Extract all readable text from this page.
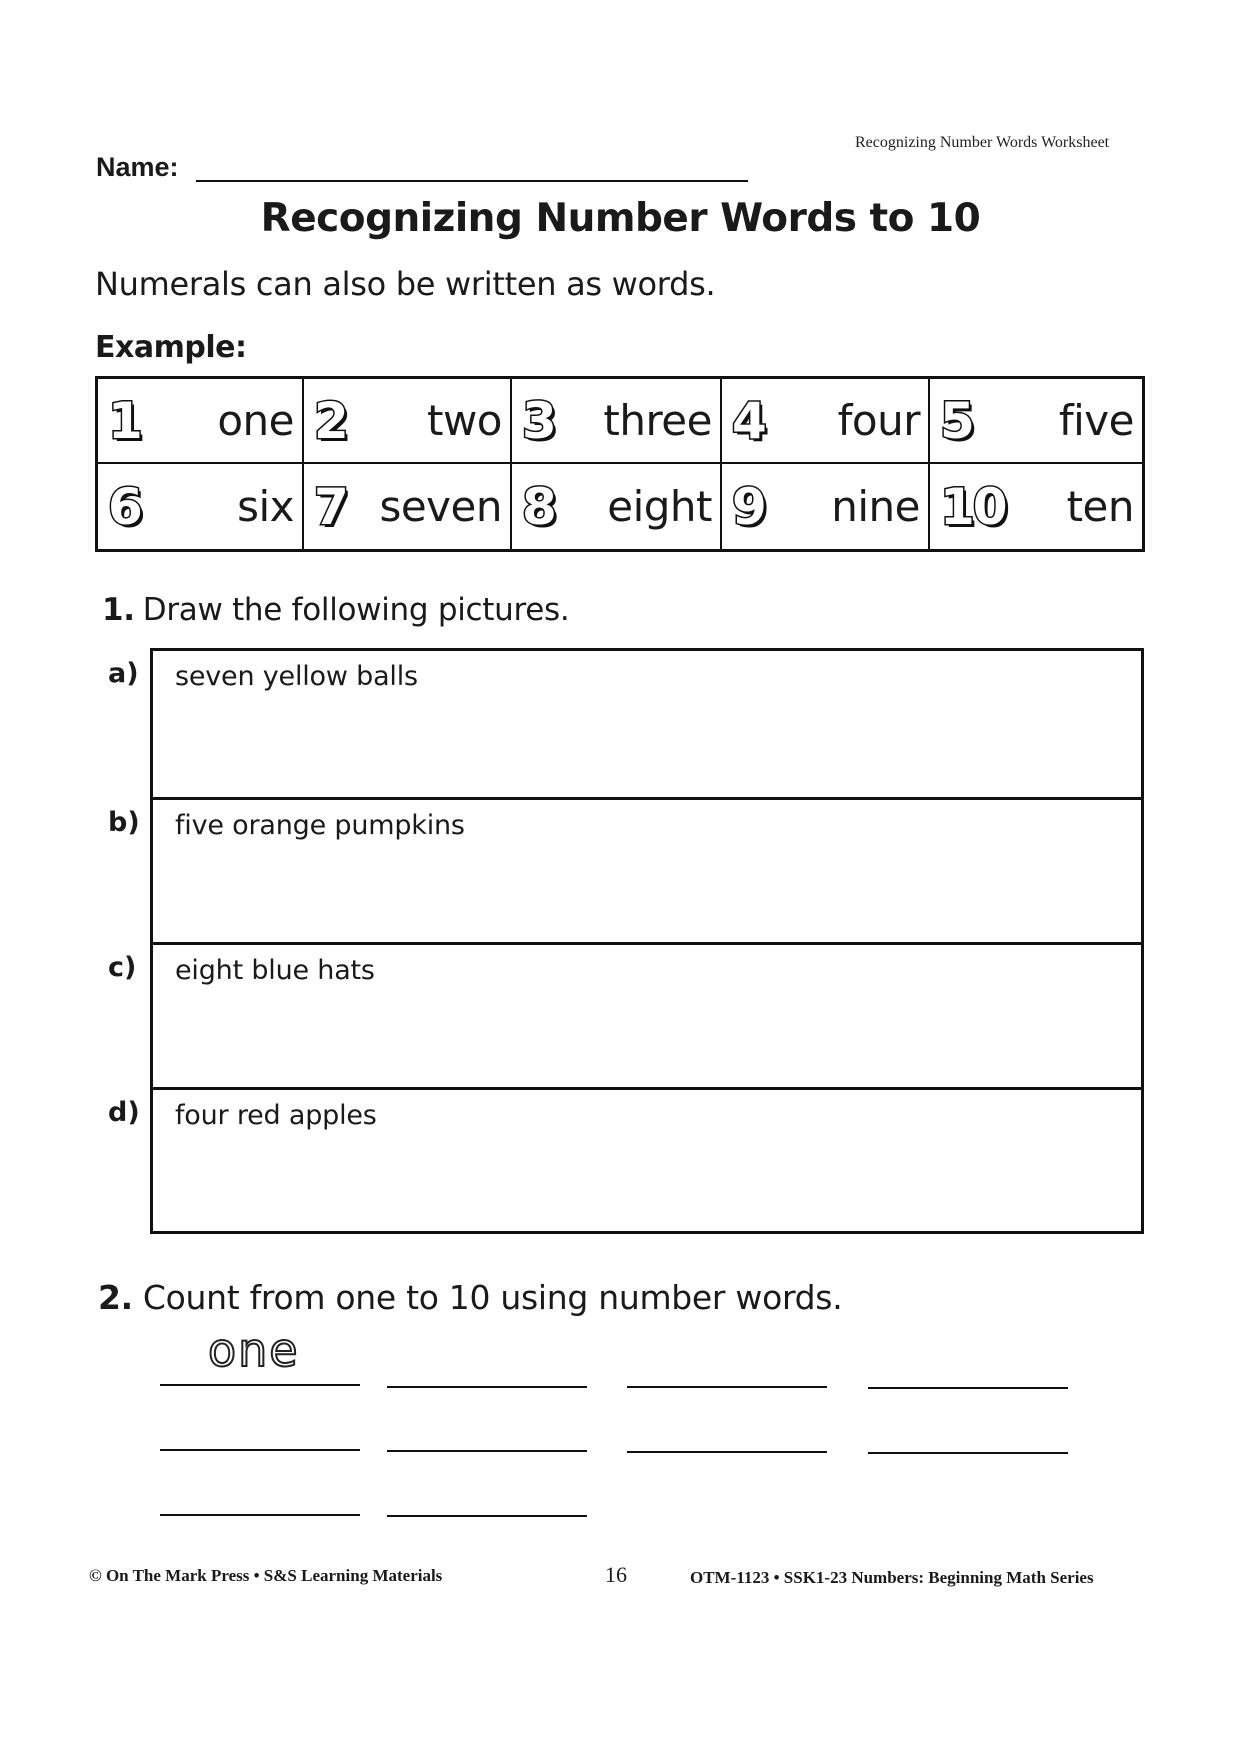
Recognizing Number Words Worksheet
Name:
Recognizing Number Words to 10
Numerals can also be written as words.
Example:
1 one 2 two 3 three 4 four 5 five
6 six 7 seven 8 eight 9 nine 10 ten
1. Draw the following pictures.
a) seven yellow balls
b) five orange pumpkins
c) eight blue hats
d) four red apples
2. Count from one to 10 using number words.
one
© On The Mark Press • S&S Learning Materials	16	OTM-1123 • SSK1-23 Numbers: Beginning Math Series
